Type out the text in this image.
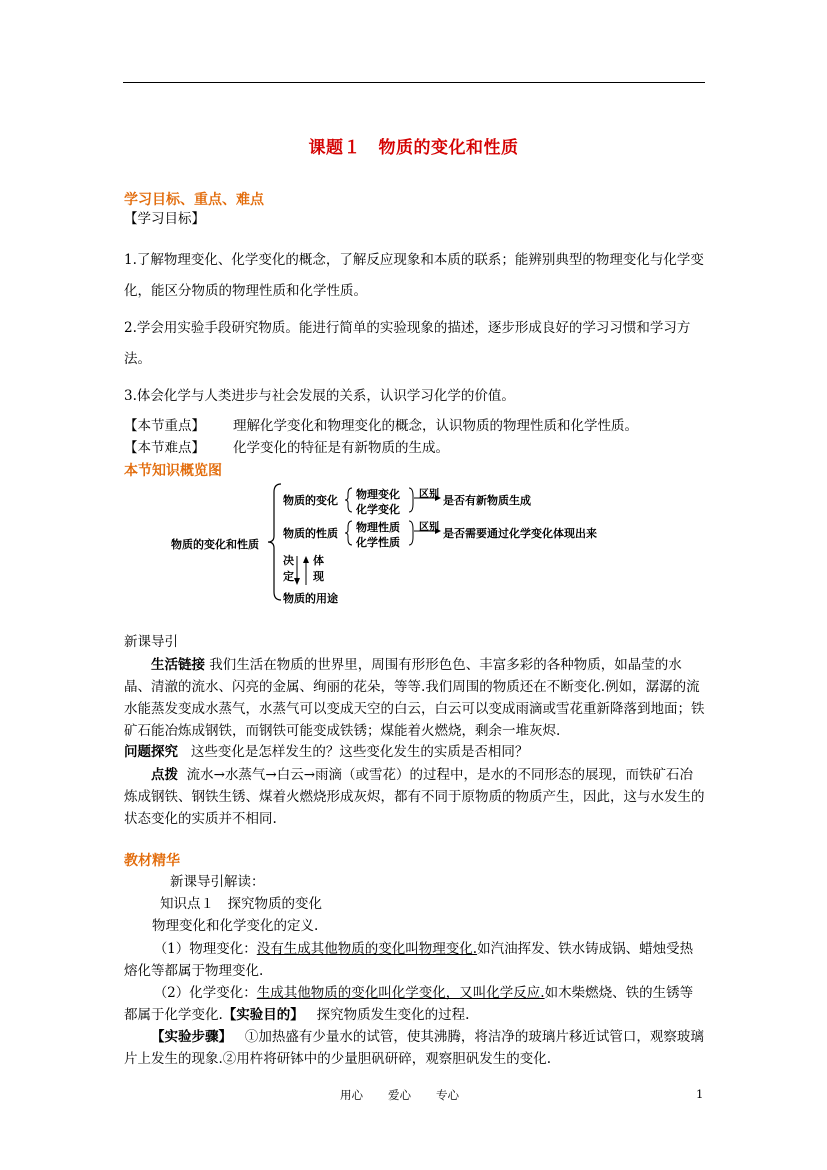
课题１　物质的变化和性质
学习目标、重点、难点
【学习目标】
1.了解物理变化、化学变化的概念，了解反应现象和本质的联系；能辨别典型的物理变化与化学变化，能区分物质的物理性质和化学性质。
2.学会用实验手段研究物质。能进行简单的实验现象的描述，逐步形成良好的学习习惯和学习方法。
3.体会化学与人类进步与社会发展的关系，认识学习化学的价值。
【本节重点】 理解化学变化和物理变化的概念，认识物质的物理性质和化学性质。
【本节难点】 化学变化的特征是有新物质的生成。
本节知识概览图
物质的变化和性质
物质的变化 物理变化
化学变化
区别 是否有新物质生成
物质的性质 物理性质
化学性质
区别 是否需要通过化学变化体现出来
决
定
体
现
物质的用途
新课导引
生活链接 我们生活在物质的世界里，周围有形形色色、丰富多彩的各种物质，如晶莹的水晶、清澈的流水、闪亮的金属、绚丽的花朵，等等.我们周围的物质还在不断变化.例如，潺潺的流水能蒸发变成水蒸气，水蒸气可以变成天空的白云，白云可以变成雨滴或雪花重新降落到地面；铁矿石能冶炼成钢铁，而钢铁可能变成铁锈；煤能着火燃烧，剩余一堆灰烬.
问题探究 这些变化是怎样发生的？这些变化发生的实质是否相同？
点拨 流水→水蒸气→白云→雨滴（或雪花）的过程中，是水的不同形态的展现，而铁矿石冶炼成钢铁、钢铁生锈、煤着火燃烧形成灰烬，都有不同于原物质的物质产生，因此，这与水发生的状态变化的实质并不相同.
教材精华
新课导引解读：
知识点１　探究物质的变化
物理变化和化学变化的定义.
（1）物理变化：没有生成其他物质的变化叫物理变化.如汽油挥发、铁水铸成锅、蜡烛受热熔化等都属于物理变化.
（2）化学变化：生成其他物质的变化叫化学变化，又叫化学反应.如木柴燃烧、铁的生锈等都属于化学变化.【实验目的】 探究物质发生变化的过程.
【实验步骤】 ①加热盛有少量水的试管，使其沸腾，将洁净的玻璃片移近试管口，观察玻璃片上发生的现象.②用杵将研钵中的少量胆矾研碎，观察胆矾发生的变化.
用心 爱心 专心	1
